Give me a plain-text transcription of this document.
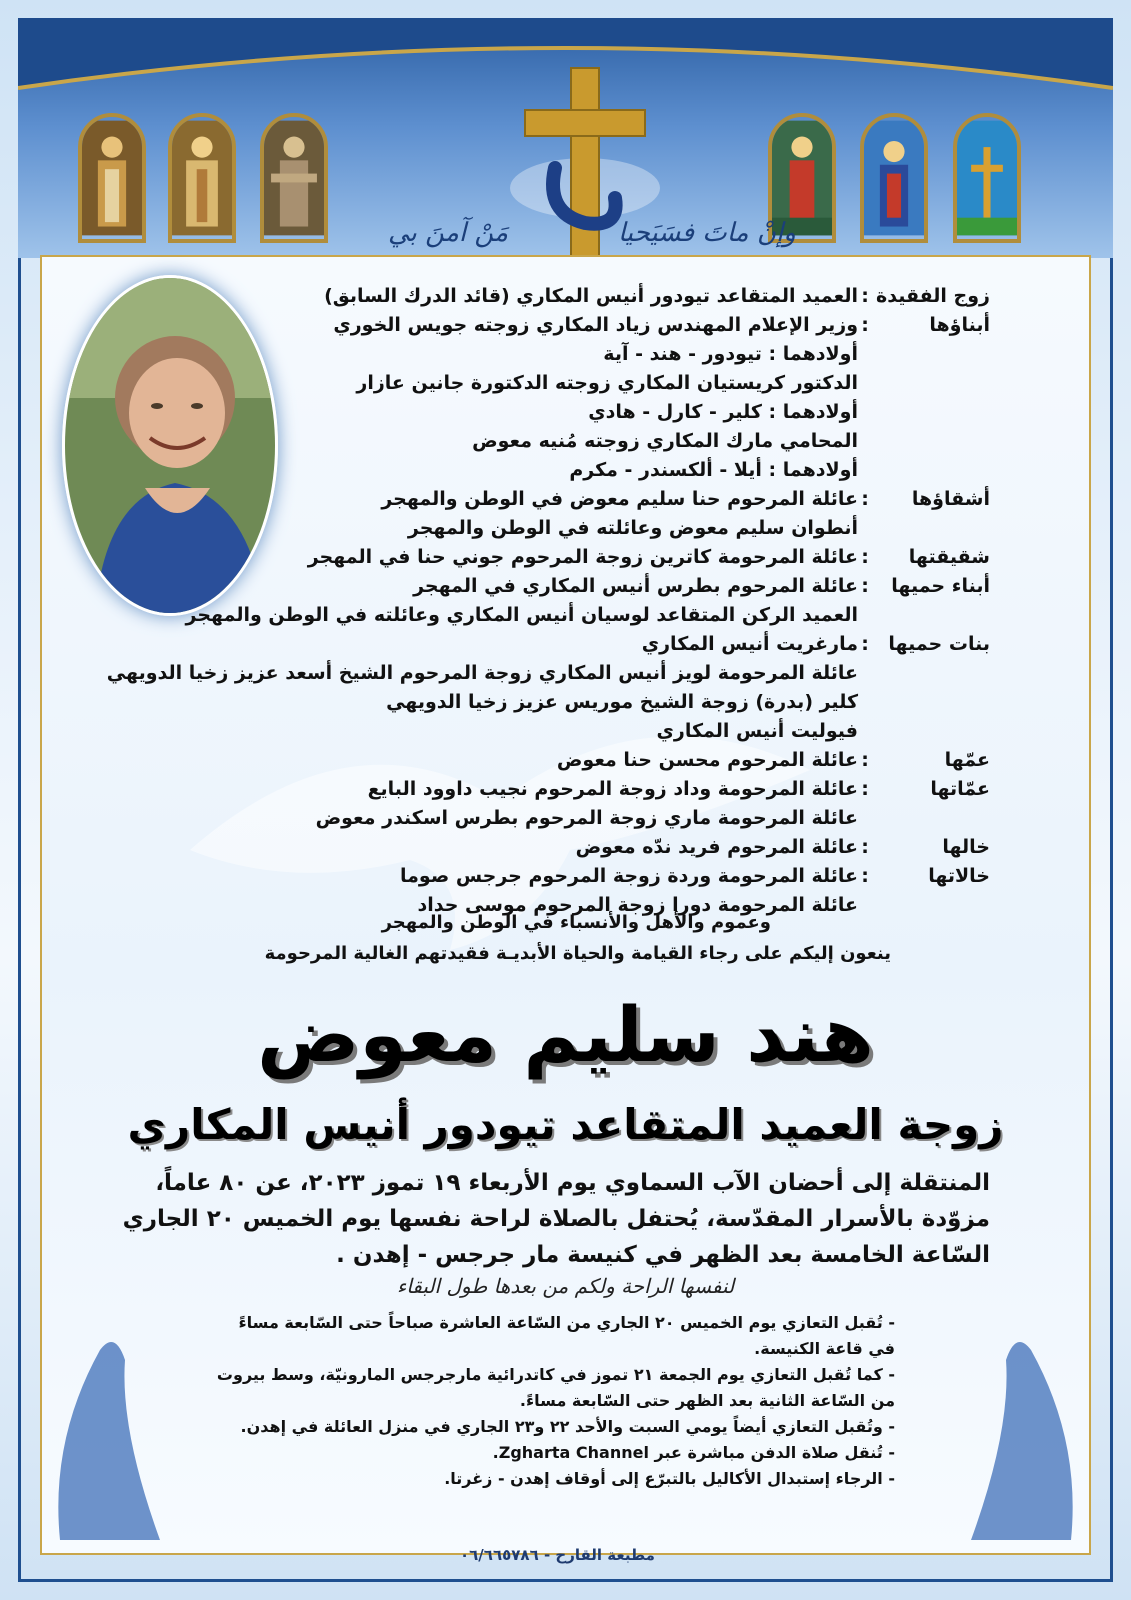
مَنْ آمنَ بي	وإنْ ماتَ فسَيَحيا
زوج الفقيدة
:
العميد المتقاعد تيودور أنيس المكاري (قائد الدرك السابق)
أبناؤها
:
وزير الإعلام المهندس زياد المكاري زوجته جويس الخوري
أولادهما : تيودور - هند - آية
الدكتور كريستيان المكاري زوجته الدكتورة جانين عازار
أولادهما : كلير - كارل - هادي
المحامي مارك المكاري زوجته مُنيه معوض
أولادهما : أيلا - ألكسندر - مكرم
أشقاؤها
:
عائلة المرحوم حنا سليم معوض في الوطن والمهجر
أنطوان سليم معوض وعائلته في الوطن والمهجر
شقيقتها
:
عائلة المرحومة كاترين زوجة المرحوم جوني حنا في المهجر
أبناء حميها
:
عائلة المرحوم بطرس أنيس المكاري في المهجر
العميد الركن المتقاعد لوسيان أنيس المكاري وعائلته في الوطن والمهجر
بنات حميها
:
مارغريت أنيس المكاري
عائلة المرحومة لويز أنيس المكاري زوجة المرحوم الشيخ أسعد عزيز زخيا الدويهي
كلير (بدرة) زوجة الشيخ موريس عزيز زخيا الدويهي
فيوليت أنيس المكاري
عمّها
:
عائلة المرحوم محسن حنا معوض
عمّاتها
:
عائلة المرحومة وداد زوجة المرحوم نجيب داوود البايع
عائلة المرحومة ماري زوجة المرحوم بطرس اسكندر معوض
خالها
:
عائلة المرحوم فريد ندّه معوض
خالاتها
:
عائلة المرحومة وردة زوجة المرحوم جرجس صوما
عائلة المرحومة دورا زوجة المرحوم موسى حداد
وعموم والأهل والأنسباء في الوطن والمهجر
ينعون إليكم على رجاء القيامة والحياة الأبديـة فقيدتهم الغالية المرحومة
هند سليم معوض
زوجة العميد المتقاعد تيودور أنيس المكاري
المنتقلة إلى أحضان الآب السماوي يوم الأربعاء ١٩ تموز ٢٠٢٣، عن ٨٠ عاماً، مزوّدة بالأسرار المقدّسة، يُحتفل بالصلاة لراحة نفسها يوم الخميس ٢٠ الجاري السّاعة الخامسة بعد الظهر في كنيسة مار جرجس - إهدن .
لنفسها الراحة ولكم من بعدها طول البقاء
- تُقبل التعازي يوم الخميس ٢٠ الجاري من السّاعة العاشرة صباحاً حتى السّابعة مساءً في قاعة الكنيسة.
- كما تُقبل التعازي يوم الجمعة ٢١ تموز في كاتدرائية مارجرجس المارونيّة، وسط بيروت من السّاعة الثانية بعد الظهر حتى السّابعة مساءً.
- وتُقبل التعازي أيضاً يومي السبت والأحد ٢٢ و٢٣ الجاري في منزل العائلة في إهدن.
- تُنقل صلاة الدفن مباشرة عبر Zgharta Channel.
- الرجاء إستبدال الأكاليل بالتبرّع إلى أوقاف إهدن - زغرتا.
مطبعة القارح - ٠٦/٦٦٥٧٨٦
